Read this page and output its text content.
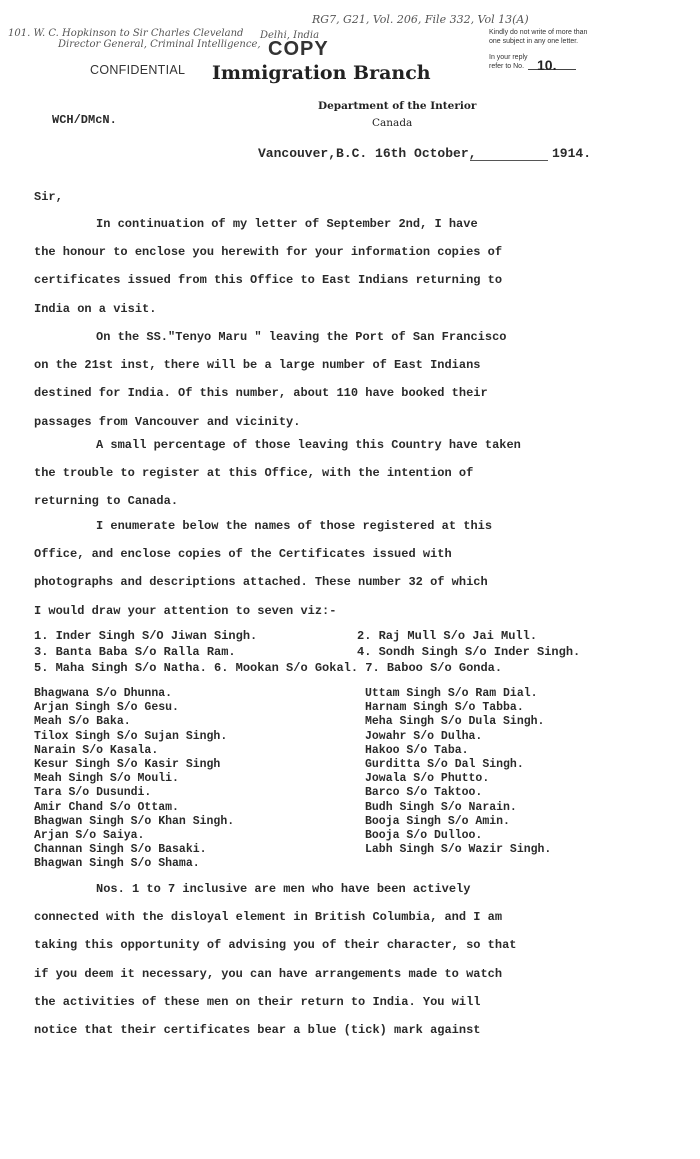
RG7, G21, Vol. 206, File 332, Vol 13(A)
101. W. C. Hopkinson to Sir Charles Cleveland
Director General, Criminal Intelligence,
Delhi, India
COPY
CONFIDENTIAL Immigration Branch
Department of the Interior
Canada
Kindly do not write of more than
one subject in any one letter.
In your reply
refer to No. 10.
WCH/DMcN.
Vancouver,B.C. 16th October,	1914.
Sir,
In continuation of my letter of September 2nd, I have
the honour to enclose you herewith for your information copies of
certificates issued from this Office to East Indians returning to
India on a visit.
On the SS."Tenyo Maru " leaving the Port of San Francisco
on the 21st inst, there will be a large number of East Indians
destined for India. Of this number, about 110 have booked their
passages from Vancouver and vicinity.
A small percentage of those leaving this Country have taken
the trouble to register at this Office, with the intention of
returning to Canada.
I enumerate below the names of those registered at this
Office, and enclose copies of the Certificates issued with
photographs and descriptions attached. These number 32 of which
I would draw your attention to seven viz:-
1. Inder Singh S/O Jiwan Singh.	2. Raj Mull S/o Jai Mull.
3. Banta Baba S/o Ralla Ram.	4. Sondh Singh S/o Inder Singh.
5. Maha Singh S/o Natha. 6. Mookan S/o Gokal. 7. Baboo S/o Gonda.
Bhagwana S/o Dhunna.
Arjan Singh S/o Gesu.
Meah S/o Baka.
Tilox Singh S/o Sujan Singh.
Narain S/o Kasala.
Kesur Singh S/o Kasir Singh
Meah Singh S/o Mouli.
Tara S/o Dusundi.
Amir Chand S/o Ottam.
Bhagwan Singh S/o Khan Singh.
Arjan S/o Saiya.
Channan Singh S/o Basaki.
Bhagwan Singh S/o Shama.
Uttam Singh S/o Ram Dial.
Harnam Singh S/o Tabba.
Meha Singh S/o Dula Singh.
Jowahr S/o Dulha.
Hakoo S/o Taba.
Gurditta S/o Dal Singh.
Jowala S/o Phutto.
Barco S/o Taktoo.
Budh Singh S/o Narain.
Booja Singh S/o Amin.
Booja S/o Dulloo.
Labh Singh S/o Wazir Singh.
Nos. 1 to 7 inclusive are men who have been actively
connected with the disloyal element in British Columbia, and I am
taking this opportunity of advising you of their character, so that
if you deem it necessary, you can have arrangements made to watch
the activities of these men on their return to India. You will
notice that their certificates bear a blue (tick) mark against
